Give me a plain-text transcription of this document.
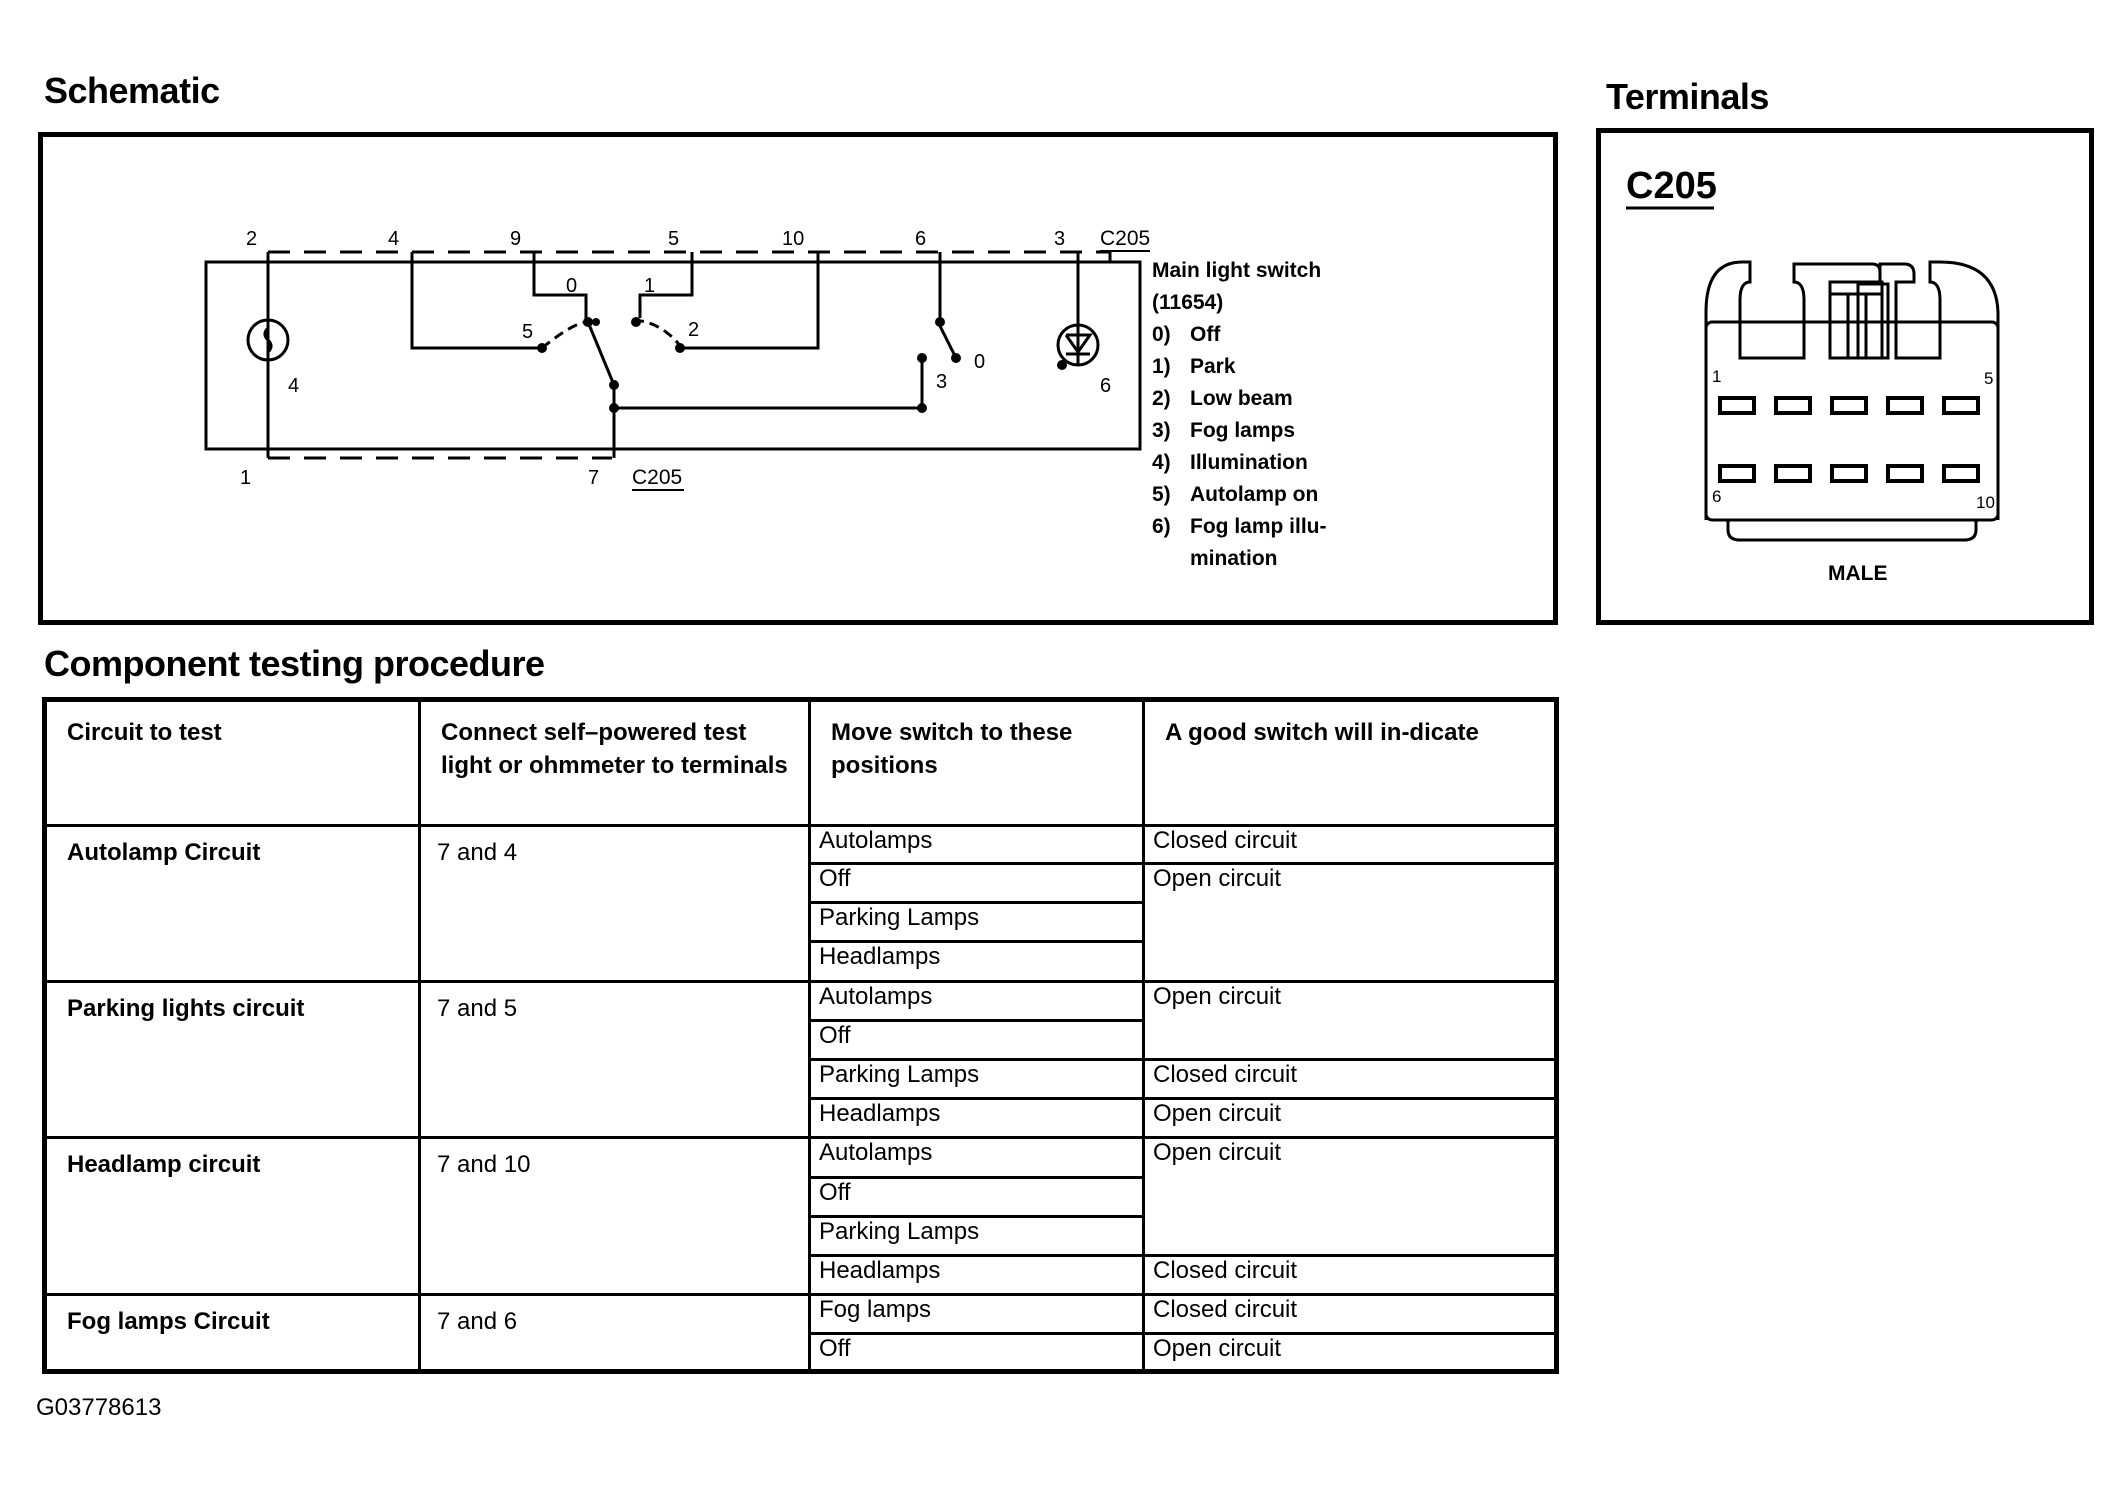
Schematic	Terminals
Component testing procedure
2	4	9	5	10	6	3 C205
1	7 C205
0	1
5	2
0
3
4	6
Main light switch
(11654)
0) Off
1) Park
2) Low beam
3) Fog lamps
4) Illumination
5) Autolamp on
6) Fog lamp illu-
mination
C205
1	5
6	10
MALE
Circuit to test	Connect self–powered test light or ohmmeter to terminals	Move switch to these positions	A good switch will in-dicate
Autolamp Circuit	7 and 4	Autolamps	Closed circuit
		Off	Open circuit
		Parking Lamps	
		Headlamps	
Parking lights circuit	7 and 5	Autolamps	Open circuit
		Off	
		Parking Lamps	Closed circuit
		Headlamps	Open circuit
Headlamp circuit	7 and 10	Autolamps	Open circuit
		Off	
		Parking Lamps	
		Headlamps	Closed circuit
Fog lamps Circuit	7 and 6	Fog lamps	Closed circuit
		Off	Open circuit
G03778613
